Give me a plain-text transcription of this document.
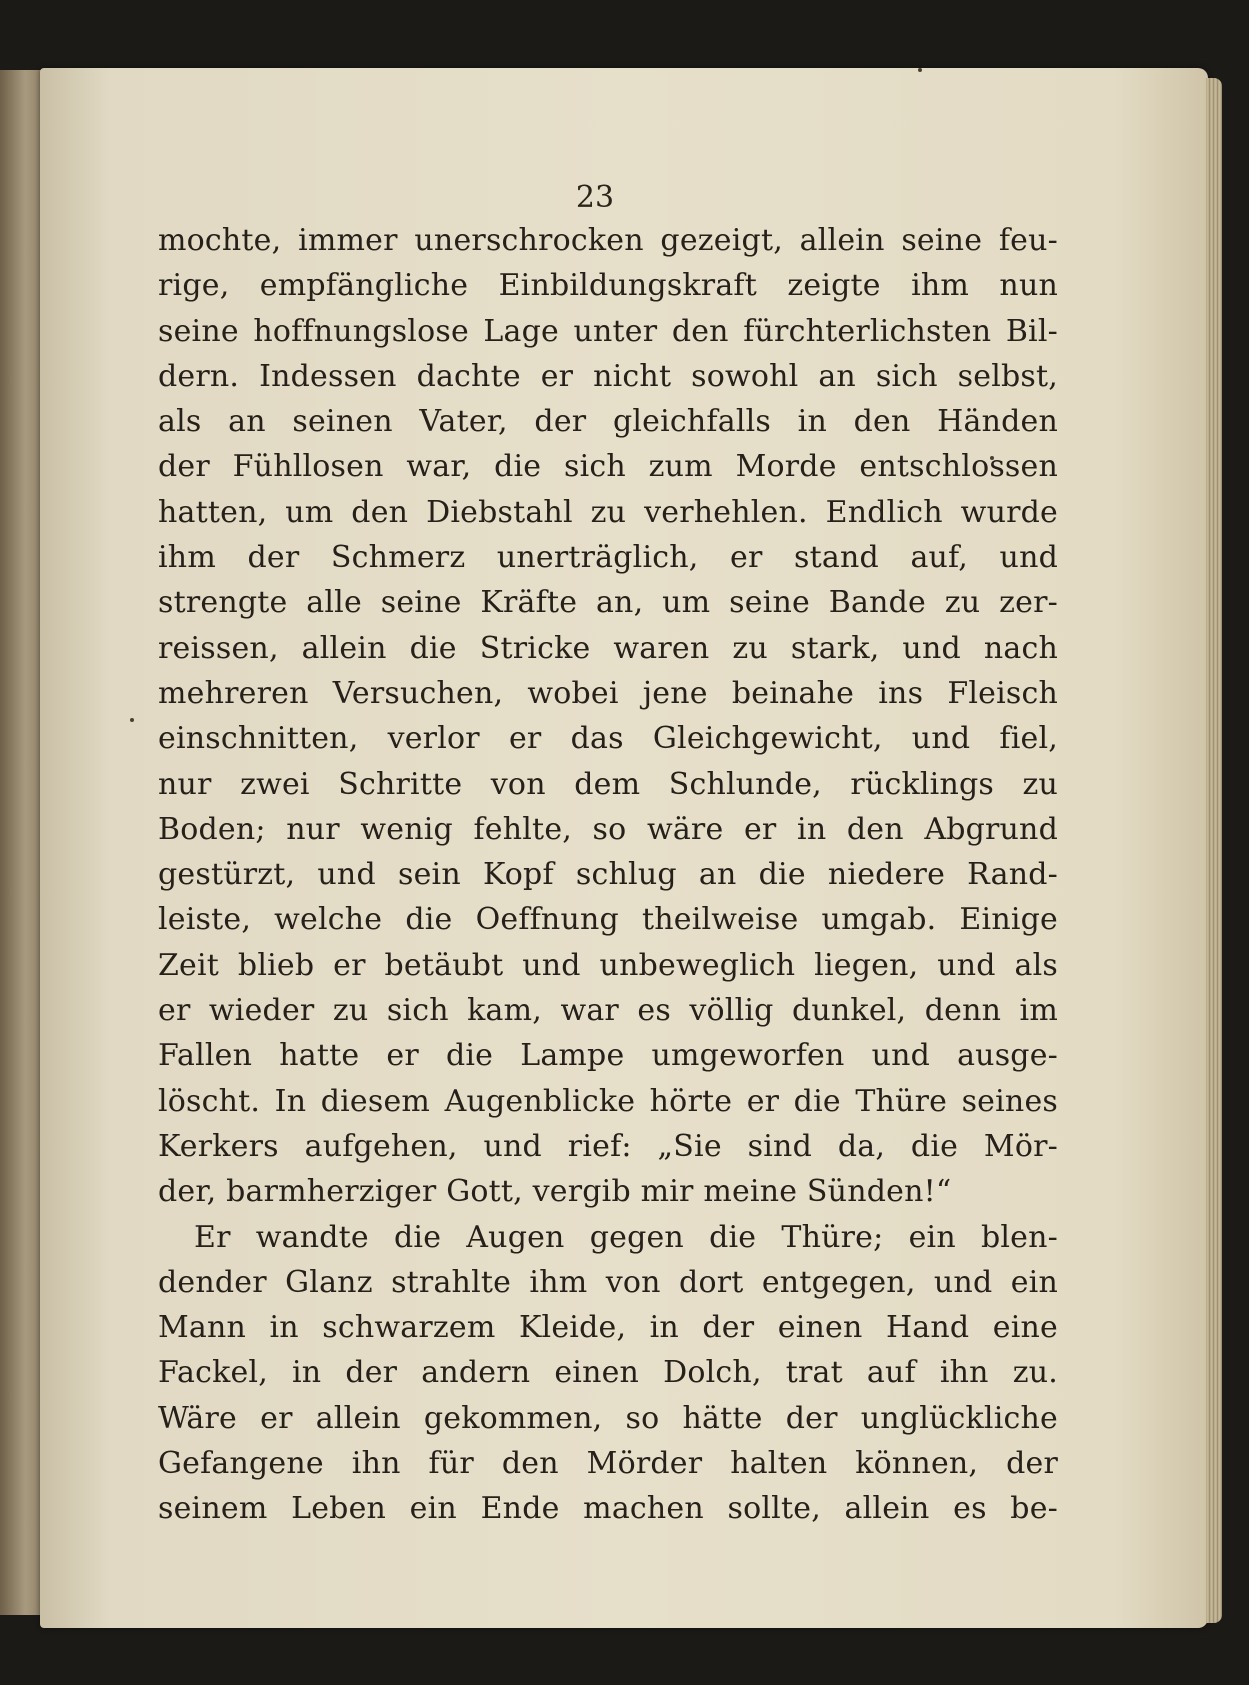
23
mochte, immer unerschrocken gezeigt, allein seine feu-
rige, empfängliche Einbildungskraft zeigte ihm nun
seine hoffnungslose Lage unter den fürchterlichsten Bil-
dern. Indessen dachte er nicht sowohl an sich selbst,
als an seinen Vater, der gleichfalls in den Händen
der Fühllosen war, die sich zum Morde entschlossen
hatten, um den Diebstahl zu verhehlen. Endlich wurde
ihm der Schmerz unerträglich, er stand auf, und
strengte alle seine Kräfte an, um seine Bande zu zer-
reissen, allein die Stricke waren zu stark, und nach
mehreren Versuchen, wobei jene beinahe ins Fleisch
einschnitten, verlor er das Gleichgewicht, und fiel,
nur zwei Schritte von dem Schlunde, rücklings zu
Boden; nur wenig fehlte, so wäre er in den Abgrund
gestürzt, und sein Kopf schlug an die niedere Rand-
leiste, welche die Oeffnung theilweise umgab. Einige
Zeit blieb er betäubt und unbeweglich liegen, und als
er wieder zu sich kam, war es völlig dunkel, denn im
Fallen hatte er die Lampe umgeworfen und ausge-
löscht. In diesem Augenblicke hörte er die Thüre seines
Kerkers aufgehen, und rief: „Sie sind da, die Mör-
der, barmherziger Gott, vergib mir meine Sünden!“
Er wandte die Augen gegen die Thüre; ein blen-
dender Glanz strahlte ihm von dort entgegen, und ein
Mann in schwarzem Kleide, in der einen Hand eine
Fackel, in der andern einen Dolch, trat auf ihn zu.
Wäre er allein gekommen, so hätte der unglückliche
Gefangene ihn für den Mörder halten können, der
seinem Leben ein Ende machen sollte, allein es be-
